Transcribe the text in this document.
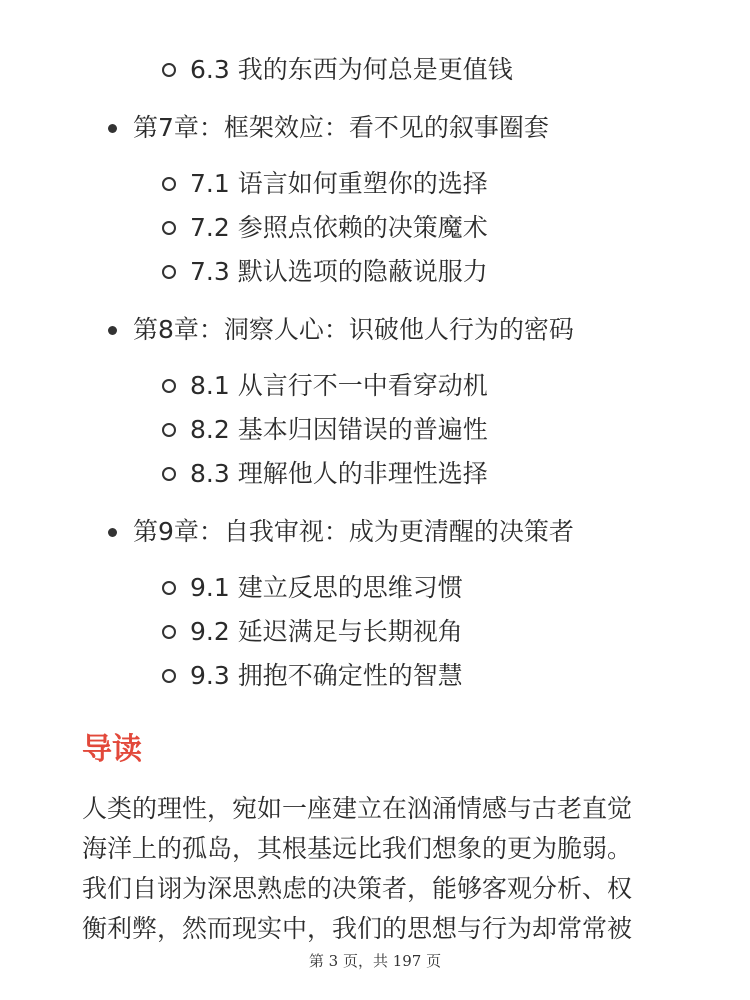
6.3 我的东西为何总是更值钱
第7章：框架效应：看不见的叙事圈套
7.1 语言如何重塑你的选择
7.2 参照点依赖的决策魔术
7.3 默认选项的隐蔽说服力
第8章：洞察人心：识破他人行为的密码
8.1 从言行不一中看穿动机
8.2 基本归因错误的普遍性
8.3 理解他人的非理性选择
第9章：自我审视：成为更清醒的决策者
9.1 建立反思的思维习惯
9.2 延迟满足与长期视角
9.3 拥抱不确定性的智慧
导读
人类的理性，宛如一座建立在汹涌情感与古老直觉
海洋上的孤岛，其根基远比我们想象的更为脆弱。
我们自诩为深思熟虑的决策者，能够客观分析、权
衡利弊，然而现实中，我们的思想与行为却常常被
第 3 页，共 197 页
